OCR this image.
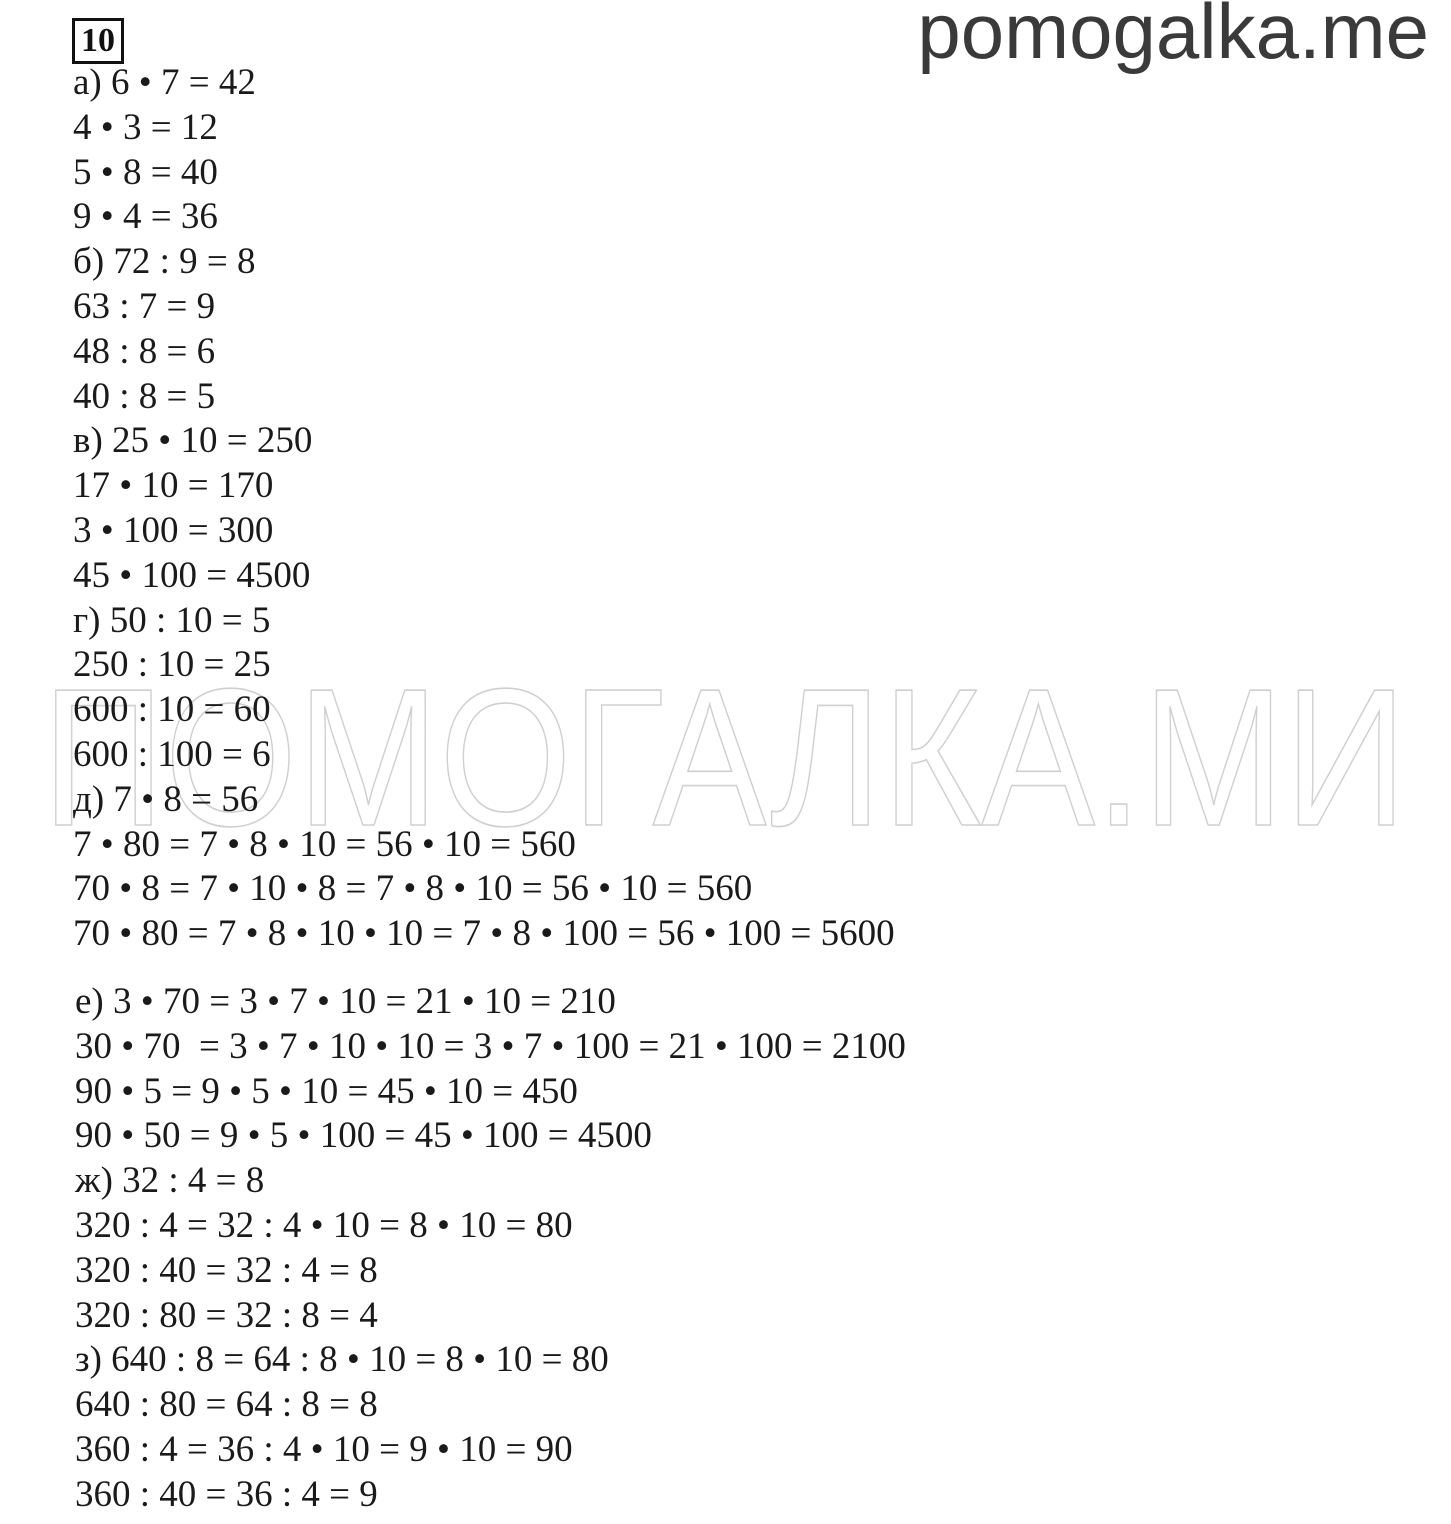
pomogalka.me
ПОМОГАЛКА.МИ
10
а) 6 • 7 = 42
4 • 3 = 12
5 • 8 = 40
9 • 4 = 36
б) 72 : 9 = 8
63 : 7 = 9
48 : 8 = 6
40 : 8 = 5
в) 25 • 10 = 250
17 • 10 = 170
3 • 100 = 300
45 • 100 = 4500
г) 50 : 10 = 5
250 : 10 = 25
600 : 10 = 60
600 : 100 = 6
д) 7 • 8 = 56
7 • 80 = 7 • 8 • 10 = 56 • 10 = 560
70 • 8 = 7 • 10 • 8 = 7 • 8 • 10 = 56 • 10 = 560
70 • 80 = 7 • 8 • 10 • 10 = 7 • 8 • 100 = 56 • 100 = 5600
е) 3 • 70 = 3 • 7 • 10 = 21 • 10 = 210
30 • 70  = 3 • 7 • 10 • 10 = 3 • 7 • 100 = 21 • 100 = 2100
90 • 5 = 9 • 5 • 10 = 45 • 10 = 450
90 • 50 = 9 • 5 • 100 = 45 • 100 = 4500
ж) 32 : 4 = 8
320 : 4 = 32 : 4 • 10 = 8 • 10 = 80
320 : 40 = 32 : 4 = 8
320 : 80 = 32 : 8 = 4
з) 640 : 8 = 64 : 8 • 10 = 8 • 10 = 80
640 : 80 = 64 : 8 = 8
360 : 4 = 36 : 4 • 10 = 9 • 10 = 90
360 : 40 = 36 : 4 = 9
